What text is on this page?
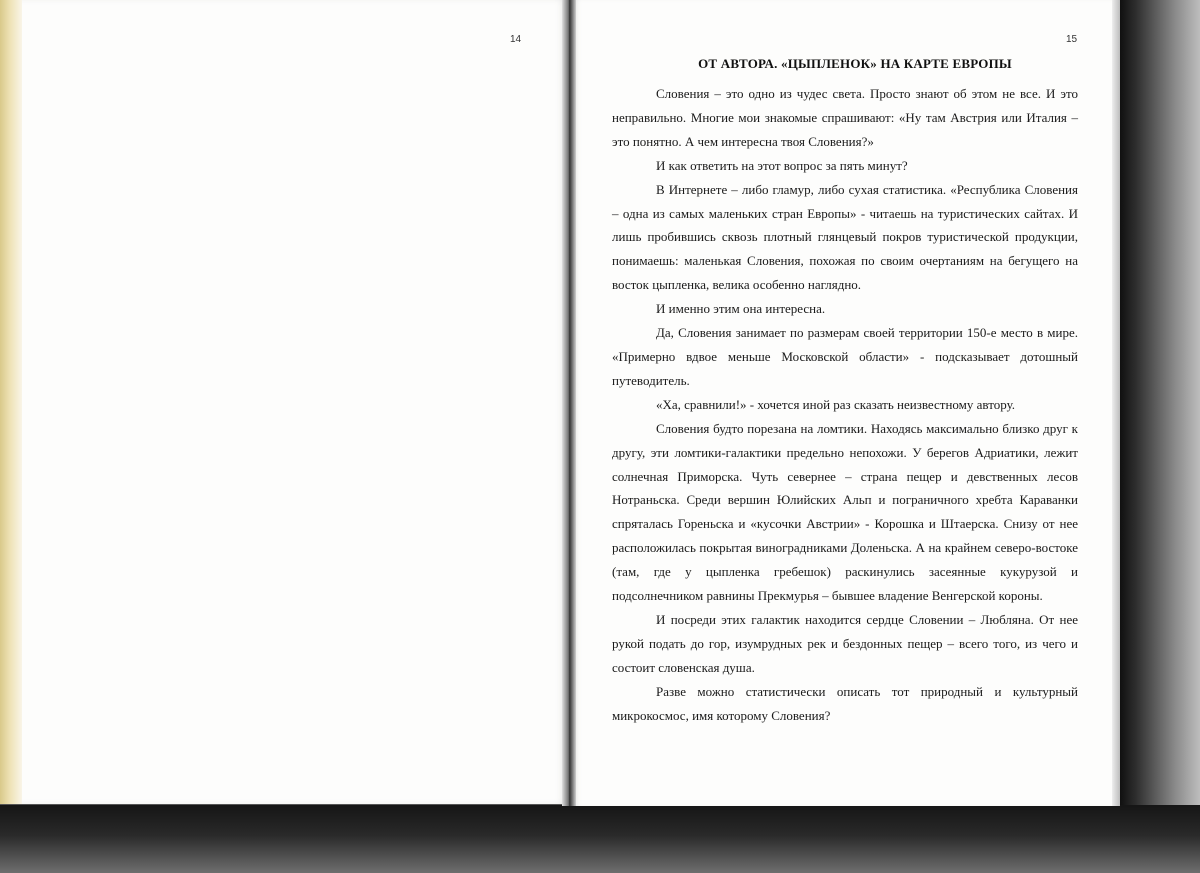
14	15
ОТ АВТОРА. «ЦЫПЛЕНОК» НА КАРТЕ ЕВРОПЫ

Словения – это одно из чудес света. Просто знают об этом не все. И это неправильно. Многие мои знакомые спрашивают: «Ну там Австрия или Италия – это понятно. А чем интересна твоя Словения?»

И как ответить на этот вопрос за пять минут?

В Интернете – либо гламур, либо сухая статистика. «Республика Словения – одна из самых маленьких стран Европы» - читаешь на туристических сайтах. И лишь пробившись сквозь плотный глянцевый покров туристической продукции, понимаешь: маленькая Словения, похожая по своим очертаниям на бегущего на восток цыпленка, велика особенно наглядно.

И именно этим она интересна.

Да, Словения занимает по размерам своей территории 150-е место в мире. «Примерно вдвое меньше Московской области» - подсказывает дотошный путеводитель.

«Ха, сравнили!» - хочется иной раз сказать неизвестному автору.

Словения будто порезана на ломтики. Находясь максимально близко друг к другу, эти ломтики-галактики предельно непохожи. У берегов Адриатики, лежит солнечная Приморска. Чуть севернее – страна пещер и девственных лесов Нотраньска. Среди вершин Юлийских Альп и пограничного хребта Караванки спряталась Гореньска и «кусочки Австрии» - Корошка и Штаерска. Снизу от нее расположилась покрытая виноградниками Доленьска. А на крайнем северо-востоке (там, где у цыпленка гребешок) раскинулись засеянные кукурузой и подсолнечником равнины Прекмурья – бывшее владение Венгерской короны.

И посреди этих галактик находится сердце Словении – Любляна. От нее рукой подать до гор, изумрудных рек и бездонных пещер – всего того, из чего и состоит словенская душа.

Разве можно статистически описать тот природный и культурный микрокосмос, имя которому Словения?
